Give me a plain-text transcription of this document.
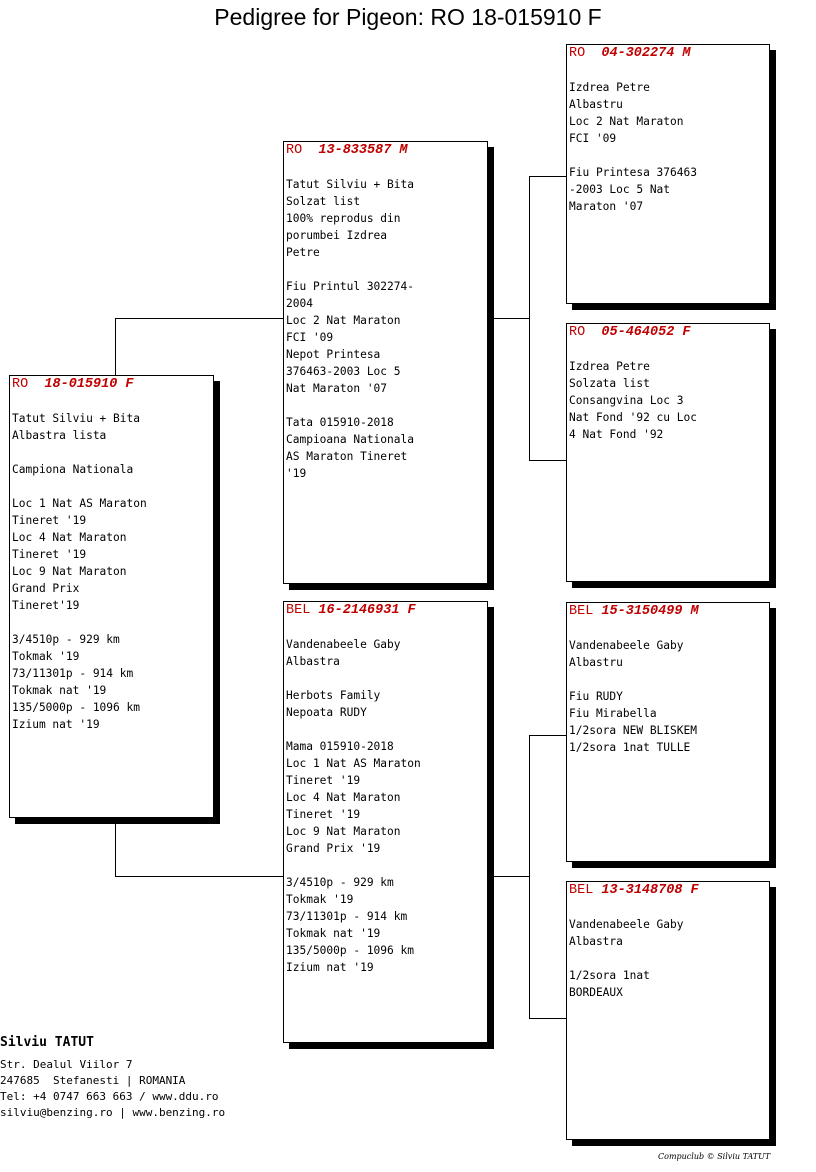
Pedigree for Pigeon: RO 18-015910 F
RO 18-015910 F
Tatut Silviu + Bita
Albastra lista
Campiona Nationala
Loc 1 Nat AS Maraton
Tineret '19
Loc 4 Nat Maraton
Tineret '19
Loc 9 Nat Maraton
Grand Prix
Tineret'19
3/4510p - 929 km
Tokmak '19
73/11301p - 914 km
Tokmak nat '19
135/5000p - 1096 km
Izium nat '19
RO 13-833587 M
Tatut Silviu + Bita
Solzat list
100% reprodus din
porumbei Izdrea
Petre
Fiu Printul 302274-
2004
Loc 2 Nat Maraton
FCI '09
Nepot Printesa
376463-2003 Loc 5
Nat Maraton '07
Tata 015910-2018
Campioana Nationala
AS Maraton Tineret
'19
BEL 16-2146931 F
Vandenabeele Gaby
Albastra
Herbots Family
Nepoata RUDY
Mama 015910-2018
Loc 1 Nat AS Maraton
Tineret '19
Loc 4 Nat Maraton
Tineret '19
Loc 9 Nat Maraton
Grand Prix '19
3/4510p - 929 km
Tokmak '19
73/11301p - 914 km
Tokmak nat '19
135/5000p - 1096 km
Izium nat '19
RO 04-302274 M
Izdrea Petre
Albastru
Loc 2 Nat Maraton
FCI '09
Fiu Printesa 376463
-2003 Loc 5 Nat
Maraton '07
RO 05-464052 F
Izdrea Petre
Solzata list
Consangvina Loc 3
Nat Fond '92 cu Loc
4 Nat Fond '92
BEL 15-3150499 M
Vandenabeele Gaby
Albastru
Fiu RUDY
Fiu Mirabella
1/2sora NEW BLISKEM
1/2sora 1nat TULLE
BEL 13-3148708 F
Vandenabeele Gaby
Albastra
1/2sora 1nat
BORDEAUX
Silviu TATUT
Str. Dealul Viilor 7
247685  Stefanesti | ROMANIA
Tel: +4 0747 663 663 / www.ddu.ro
silviu@benzing.ro | www.benzing.ro
Compuclub © Silviu TATUT
